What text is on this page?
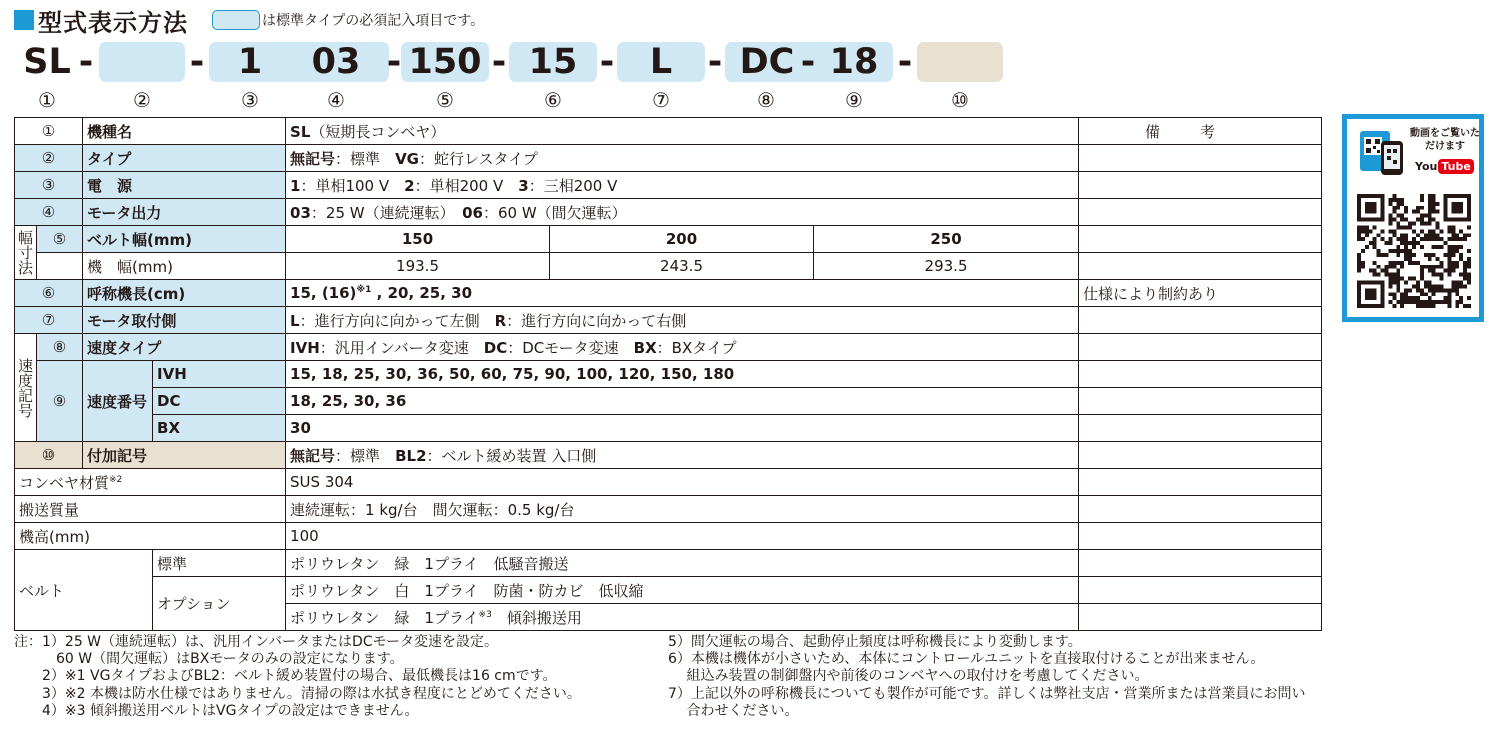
型式表示方法	は標準タイプの必須記入項目です。
SL -	- 1	03 - 150 - 15 -	L	- DC - 18 -
①	②	③	④	⑤	⑥	⑦	⑧	⑨	⑩
①		機種名		SL（短期長コンベヤ）			備考
②		タイプ		無記号：標準　 VG：蛇行レスタイプ			
③		電　源		1：単相100 V　 2：単相200 V　 3：三相200 V			
④		モータ出力		03：25 W（連続運転）　 06：60 W（間欠運転）			
幅寸法	⑤	ベルト幅(mm)		150	200	250	
		機　幅(mm)		193.5	243.5	293.5	
⑥		呼称機長(cm)		15, $(16)^{※1}$ , 20, 25, 30			仕様により制約あり
⑦		モータ取付側		L：進行方向に向かって左側　 R：進行方向に向かって右側			
速度記号	⑧	速度タイプ		IVH：汎用インバータ変速　 DC：DCモータ変速　 BX：BXタイプ			
	⑨	速度番号	IVH	15, 18, 25, 30, 36, 50, 60, 75, 90, 100, 120, 150, 180			
			DC	18, 25, 30, 36			
			BX	30			
⑩		付加記号		無記号：標準　 BL2：ベルト緩め装置 入口側			
コンベヤ材質$^{※2}$				SUS 304			
搬送質量				連続運転：1 kg/台　間欠運転：0.5 kg/台			
機高(mm)				100			
ベルト			標準	ポリウレタン　緑　1プライ　低騒音搬送			
			オプション	ポリウレタン　白　1プライ　防菌・防カビ　低収縮			
				ポリウレタン　緑　1プライ$^{※3}$　傾斜搬送用			
注：1）25 W（連続運転）は、汎用インバータまたはDCモータ変速を設定。
　　　60 W（間欠運転）はBXモータのみの設定になります。
　　2）※1 VGタイプおよびBL2：ベルト緩め装置付の場合、最低機長は16 cmです。
　　3）※2 本機は防水仕様ではありません。清掃の際は水拭き程度にとどめてください。
　　4）※3 傾斜搬送用ベルトはVGタイプの設定はできません。
5）間欠運転の場合、起動停止頻度は呼称機長により変動します。
6）本機は機体が小さいため、本体にコントロールユニットを直接取付けることが出来ません。
　 組込み装置の制御盤内や前後のコンベヤへの取付けを考慮してください。
7）上記以外の呼称機長についても製作が可能です。詳しくは弊社支店・営業所または営業員にお問い
　 合わせください。
動画をご覧いただけます
You Tube
